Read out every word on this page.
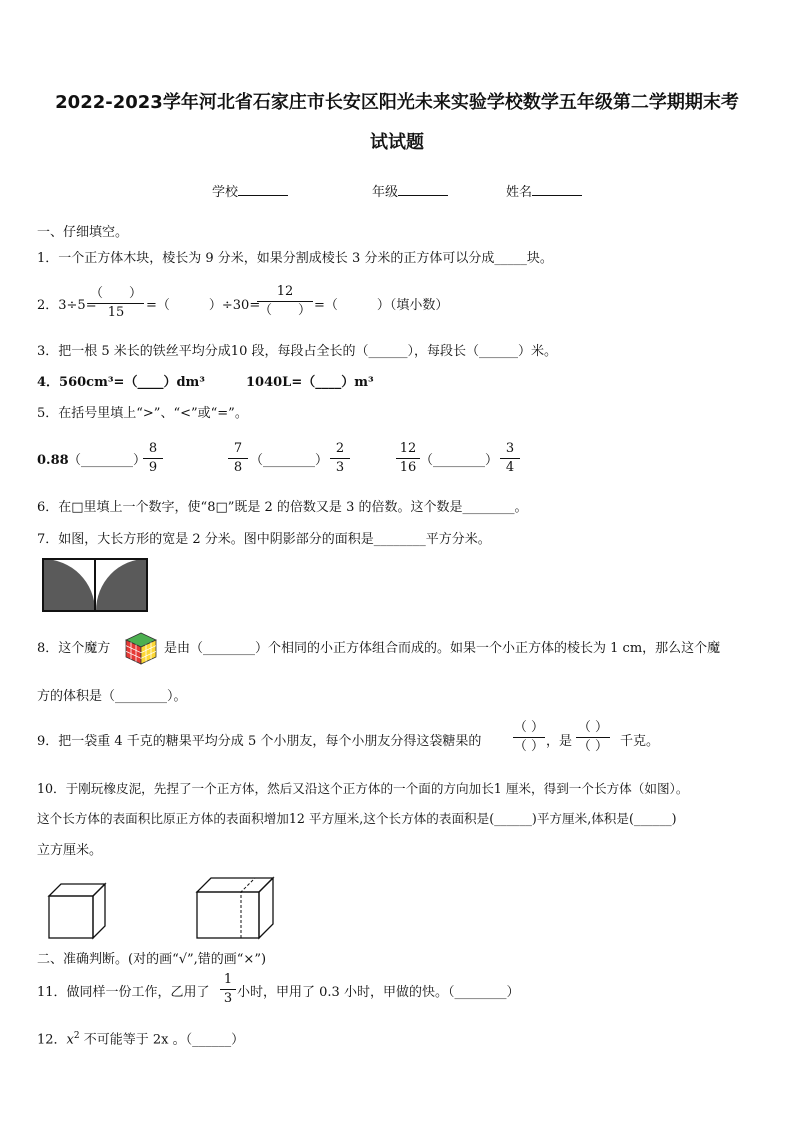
2022-2023学年河北省石家庄市长安区阳光未来实验学校数学五年级第二学期期末考
试试题
学校	年级	姓名
一、仔细填空。
1．一个正方体木块，棱长为 9 分米，如果分割成棱长 3 分米的正方体可以分成_____块。
2．3÷5=
（　　）
15	=（　　　）÷30=
12
（　　） =（　　　）（填小数）
3．把一根 5 米长的铁丝平均分成10 段，每段占全长的（______），每段长（______）米。
4．560cm³=（____）dm³	1040L=（____）m³
5．在括号里填上“>”、“<”或“=”。
0.88 （________）
8
9
7
8 （________）
2
3
12
16 （________）
3
4
6．在□里填上一个数字，使“8□”既是 2 的倍数又是 3 的倍数。这个数是________。
7．如图，大长方形的宽是 2 分米。图中阴影部分的面积是________平方分米。
8．这个魔方	是由（________）个相同的小正方体组合而成的。如果一个小正方体的棱长为 1 cm，那么这个魔
方的体积是（________）。
9．把一袋重 4 千克的糖果平均分成 5 个小朋友，每个小朋友分得这袋糖果的
（ ）
（ ） ，是
（ ）
（ ） 千克。
10．于刚玩橡皮泥，先捏了一个正方体，然后又沿这个正方体的一个面的方向加长1 厘米，得到一个长方体（如图）。
这个长方体的表面积比原正方体的表面积增加12 平方厘米,这个长方体的表面积是(______)平方厘米,体积是(______)
立方厘米。
二、准确判断。(对的画“√”,错的画“×”)
11．做同样一份工作，乙用了
1
3 小时，甲用了 0.3 小时，甲做的快。（________）
12．$x^2$ 不可能等于 2x 。（______）
